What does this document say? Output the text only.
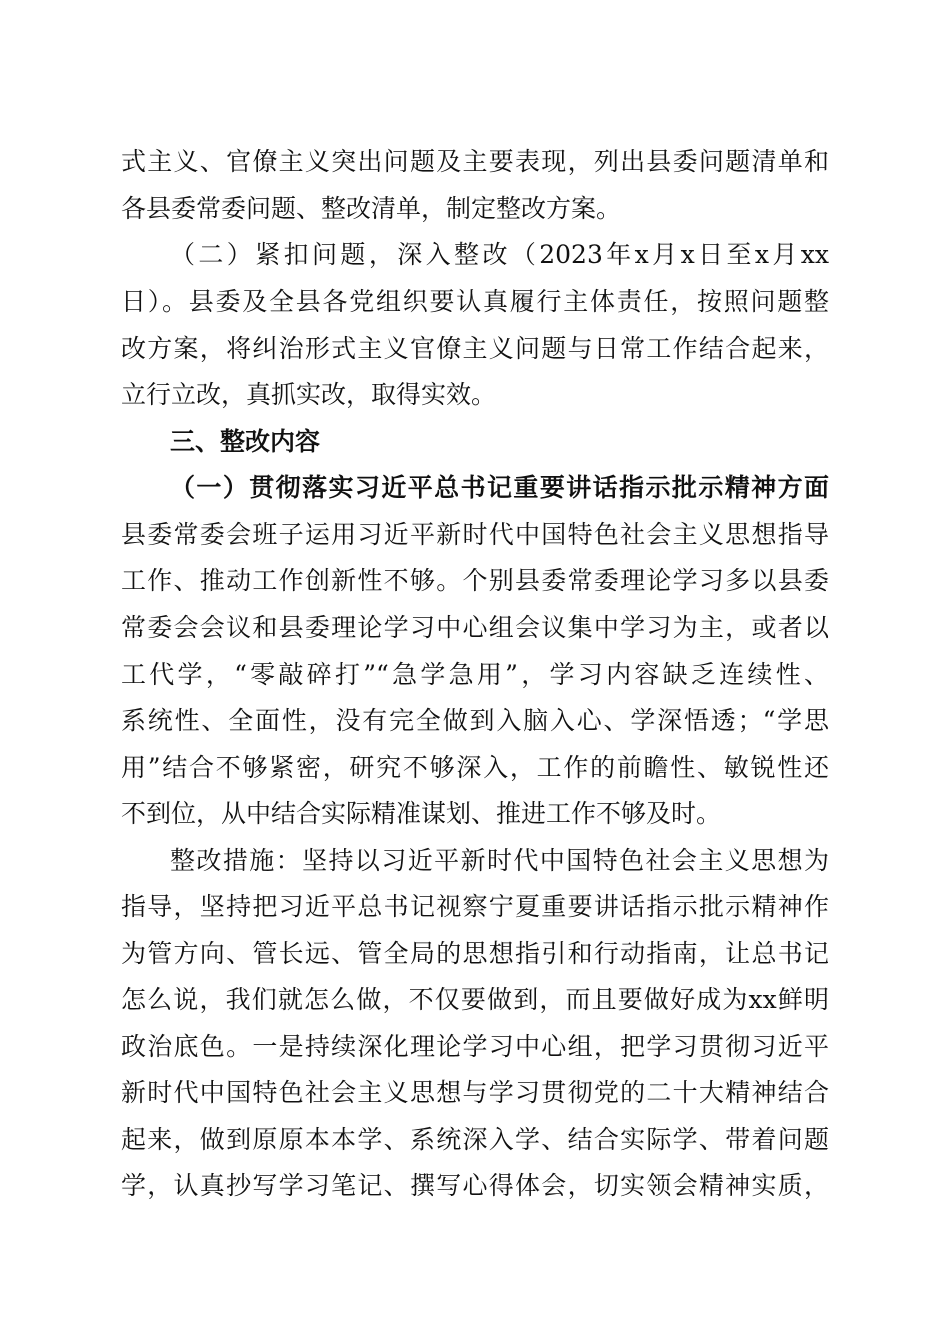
式主义、官僚主义突出问题及主要表现，列出县委问题清单和
各县委常委问题、整改清单，制定整改方案。
（二）紧扣问题，深入整改（2023年x月x日至x月xx
日）。县委及全县各党组织要认真履行主体责任，按照问题整
改方案，将纠治形式主义官僚主义问题与日常工作结合起来，
立行立改，真抓实改，取得实效。
三、整改内容
（一）贯彻落实习近平总书记重要讲话指示批示精神方面
县委常委会班子运用习近平新时代中国特色社会主义思想指导
工作、推动工作创新性不够。个别县委常委理论学习多以县委
常委会会议和县委理论学习中心组会议集中学习为主，或者以
工代学，“零敲碎打”“急学急用”，学习内容缺乏连续性、
系统性、全面性，没有完全做到入脑入心、学深悟透；“学思
用”结合不够紧密，研究不够深入，工作的前瞻性、敏锐性还
不到位，从中结合实际精准谋划、推进工作不够及时。
整改措施：坚持以习近平新时代中国特色社会主义思想为
指导，坚持把习近平总书记视察宁夏重要讲话指示批示精神作
为管方向、管长远、管全局的思想指引和行动指南，让总书记
怎么说，我们就怎么做，不仅要做到，而且要做好成为xx鲜明
政治底色。一是持续深化理论学习中心组，把学习贯彻习近平
新时代中国特色社会主义思想与学习贯彻党的二十大精神结合
起来，做到原原本本学、系统深入学、结合实际学、带着问题
学，认真抄写学习笔记、撰写心得体会，切实领会精神实质，
